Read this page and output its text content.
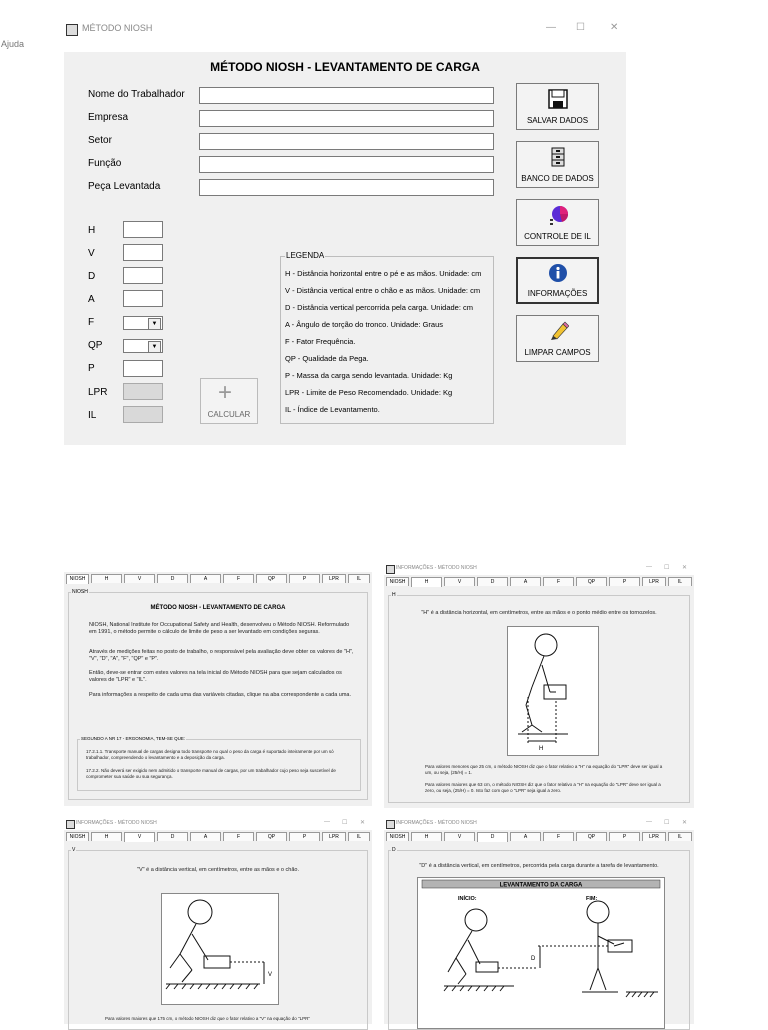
MÉTODO NIOSH	— ☐	✕
Ajuda
MÉTODO NIOSH - LEVANTAMENTO DE CARGA
Nome do Trabalhador
Empresa
Setor
Função
Peça Levantada
H
V
D
A
F	▼
QP	▼
P
LPR
IL
+
CALCULAR
LEGENDA
H - Distância horizontal entre o pé e as mãos. Unidade: cm
V - Distância vertical entre o chão e as mãos. Unidade: cm
D - Distância vertical percorrida pela carga. Unidade: cm
A - Ângulo de torção do tronco. Unidade: Graus
F - Fator Frequência.
QP - Qualidade da Pega.
P - Massa da carga sendo levantada. Unidade: Kg
LPR - Limite de Peso Recomendado. Unidade: Kg
IL - Índice de Levantamento.
SALVAR DADOS
BANCO DE DADOS
CONTROLE DE IL
INFORMAÇÕES
LIMPAR CAMPOS
NIOSH	H	V	D	A	F	QP	P	LPR	IL
NIOSH
MÉTODO NIOSH - LEVANTAMENTO DE CARGA
NIOSH, National Institute for Occupational Safety and Health, desenvolveu o Método NIOSH. Reformulado em 1991, o método permite o cálculo de limite de peso a ser levantado em condições seguras.
Através de medições feitas no posto de trabalho, o responsável pela avaliação deve obter os valores de "H", "V", "D", "A", "F", "QP" e "P".
Então, deve-se entrar com estes valores na tela inicial do Método NIOSH para que sejam calculados os valores de "LPR" e "IL".
Para informações a respeito de cada uma das variáveis citadas, clique na aba correspondente a cada uma.
SEGUNDO A NR 17 - ERGONOMIA, TEM-SE QUE:
17.2.1.1. Transporte manual de cargas designa todo transporte no qual o peso da carga é suportado inteiramente por um só trabalhador, compreendendo o levantamento e a deposição da carga.
17.2.2. Não deverá ser exigido nem admitido o transporte manual de cargas, por um trabalhador cujo peso seja suscetível de comprometer sua saúde ou sua segurança.
INFORMAÇÕES - MÉTODO NIOSH	— ☐ ✕
NIOSH	H	V	D	A	F	QP	P	LPR	IL
H
"H" é a distância horizontal, em centímetros, entre as mãos e o ponto médio entre os tornozelos.
H
Para valores menores que 25 cm, o método NIOSH diz que o fator relativo a "H" na equação do "LPR" deve ser igual a um, ou seja, (25/H) = 1.
Para valores maiores que 63 cm, o método NIOSH diz que o fator relativo a "H" na equação do "LPR" deve ser igual a zero, ou seja, (25/H) = 0. Isto faz com que o "LPR" seja igual a zero.
INFORMAÇÕES - MÉTODO NIOSH	— ☐ ✕
NIOSH	H	V	D	A	F	QP	P	LPR	IL
V
"V" é a distância vertical, em centímetros, entre as mãos e o chão.
V
Para valores maiores que 175 cm, o método NIOSH diz que o fator relativo a "V" na equação do "LPR"
INFORMAÇÕES - MÉTODO NIOSH	— ☐ ✕
NIOSH	H	V	D	A	F	QP	P	LPR	IL
D
"D" é a distância vertical, em centímetros, percorrida pela carga durante a tarefa de levantamento.
LEVANTAMENTO DA CARGA
INÍCIO:	FIM:
D
